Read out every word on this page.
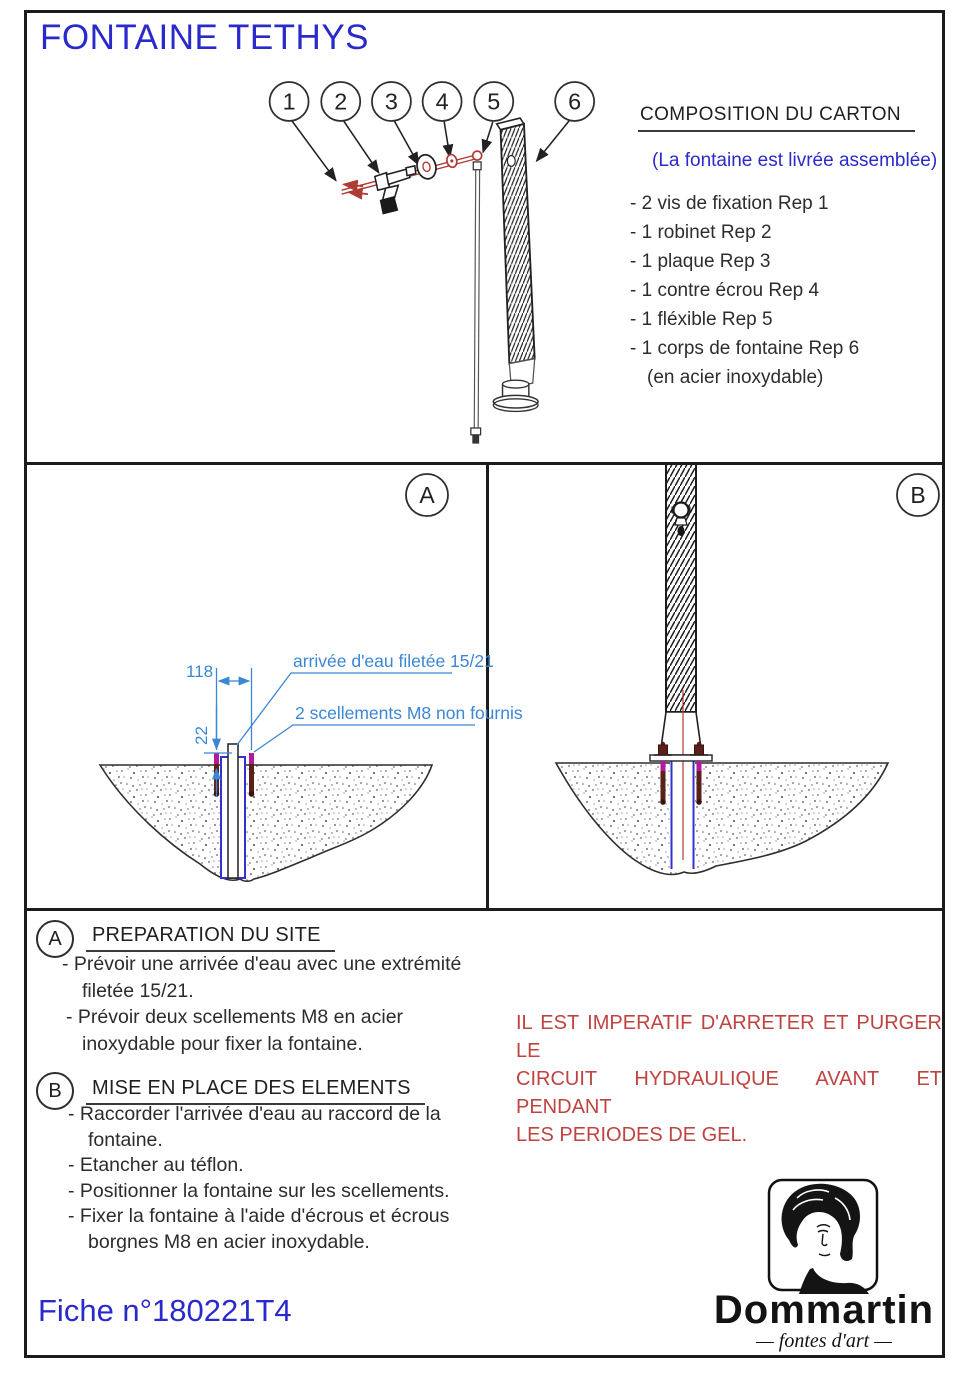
FONTAINE TETHYS
1 2 3 4 5	6
COMPOSITION DU CARTON
(La fontaine est livrée assemblée)
- 2 vis de fixation Rep 1
- 1 robinet Rep 2
- 1 plaque Rep 3
- 1 contre écrou Rep 4
- 1 fléxible Rep 5
- 1 corps de fontaine Rep 6
(en acier inoxydable)
118
22
arrivée d'eau filetée 15/21
2 scellements M8 non fournis
A	B
A	PREPARATION DU SITE
- Prévoir une arrivée d'eau avec une extrémité
filetée 15/21.
- Prévoir deux scellements M8 en acier
inoxydable pour fixer la fontaine.
B	MISE EN PLACE DES ELEMENTS
- Raccorder l'arrivée d'eau au raccord de la
fontaine.
- Etancher au téflon.
- Positionner la fontaine sur les scellements.
- Fixer la fontaine à l'aide d'écrous et écrous
borgnes M8 en acier inoxydable.
IL EST IMPERATIF D'ARRETER ET PURGER LE
CIRCUIT HYDRAULIQUE AVANT ET PENDANT
LES PERIODES DE GEL.
Dommartin
— fontes d'art —
Fiche n°180221T4
